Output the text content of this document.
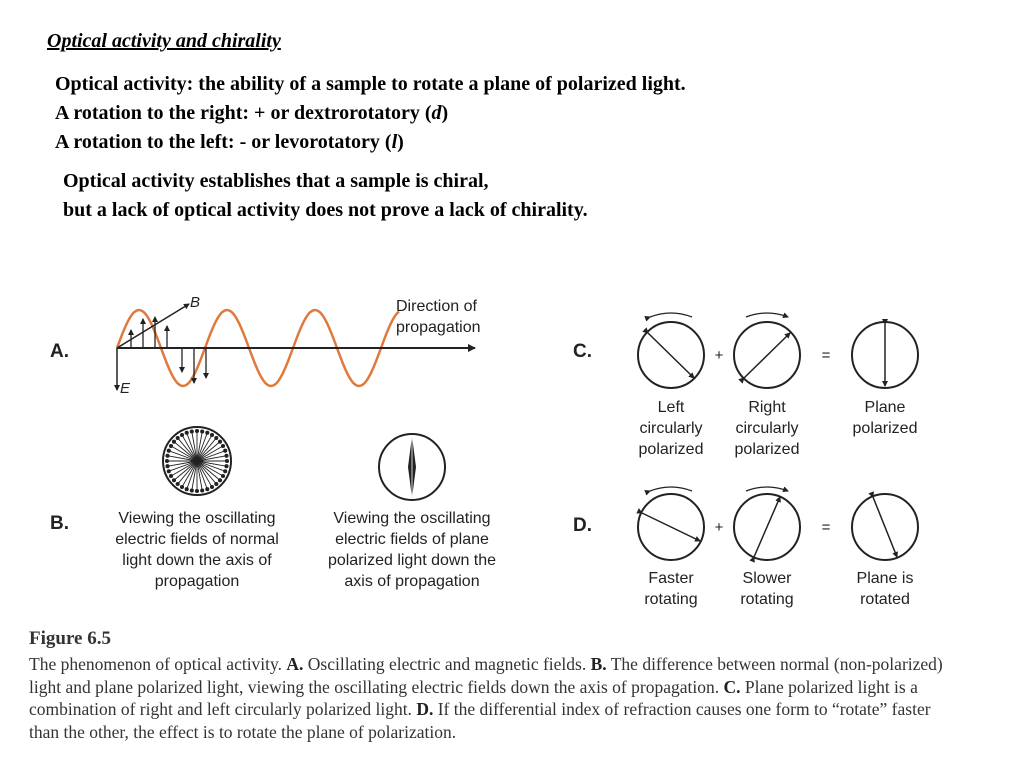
Optical activity and chirality
Optical activity: the ability of a sample to rotate a plane of polarized light.
A rotation to the right: + or dextrorotatory (d)
A rotation to the left: - or levorotatory (l)
Optical activity establishes that a sample is chiral,
but a lack of optical activity does not prove a lack of chirality.
B
E
Direction of
propagation
+	=
+	=
A.
B.
C.
D.
Viewing the oscillating
electric fields of normal
light down the axis of
propagation
Viewing the oscillating
electric fields of plane
polarized light down the
axis of propagation
Left
circularly
polarized
Right
circularly
polarized
Plane
polarized
Faster
rotating
Slower
rotating
Plane is
rotated
Figure 6.5
The phenomenon of optical activity. A. Oscillating electric and magnetic fields. B. The difference between normal (non-polarized) light and plane polarized light, viewing the oscillating electric fields down the axis of propagation. C. Plane polarized light is a combination of right and left circularly polarized light. D. If the differential index of refraction causes one form to “rotate” faster than the other, the effect is to rotate the plane of polarization.
